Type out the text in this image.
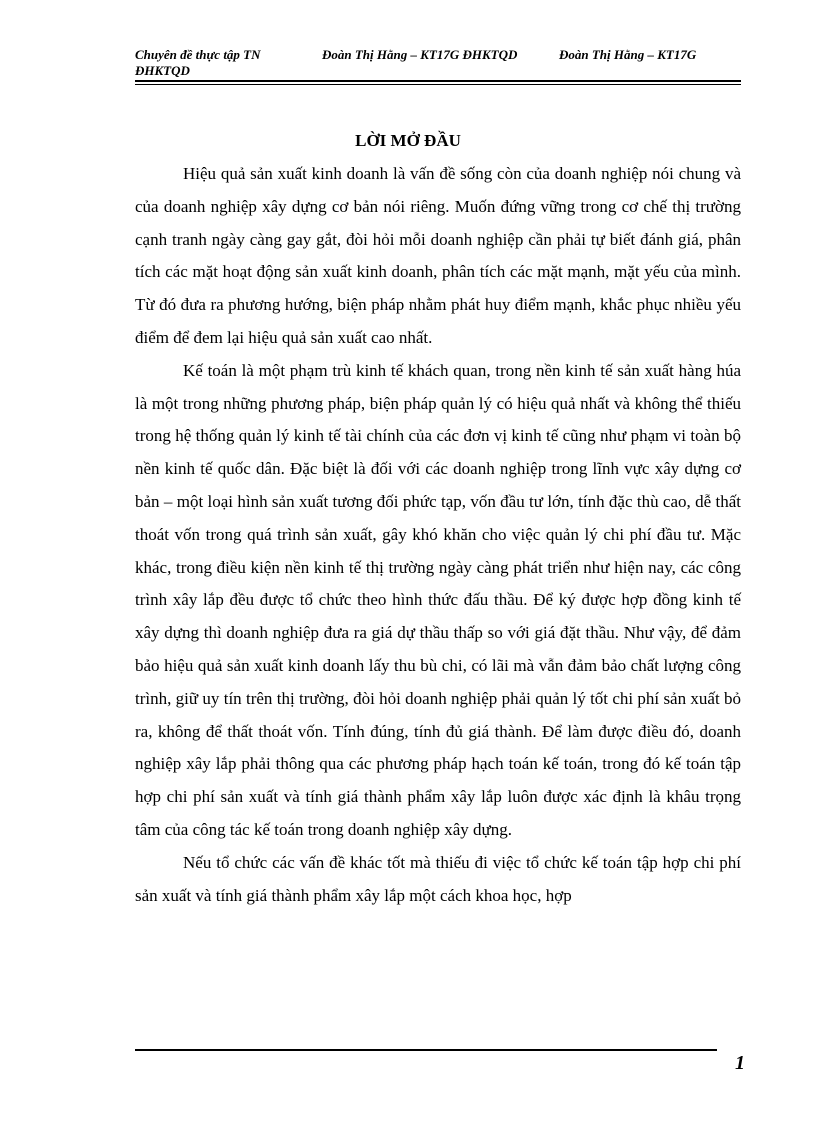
Chuyên đề thực tập TN ĐHKTQD
Đoàn Thị Hằng – KT17G ĐHKTQD	Đoàn Thị Hằng – KT17G
LỜI MỞ ĐẦU

Hiệu quả sản xuất kinh doanh là vấn đề sống còn của doanh nghiệp nói chung và của doanh nghiệp xây dựng cơ bản nói riêng. Muốn đứng vững trong cơ chế thị trường cạnh tranh ngày càng gay gắt, đòi hỏi mỗi doanh nghiệp cần phải tự biết đánh giá, phân tích các mặt hoạt động sản xuất kinh doanh, phân tích các mặt mạnh, mặt yếu của mình. Từ đó đưa ra phương hướng, biện pháp nhằm phát huy điểm mạnh, khắc phục nhiều yếu điểm để đem lại hiệu quả sản xuất cao nhất.

Kế toán là một phạm trù kinh tế khách quan, trong nền kinh tế sản xuất hàng húa là một trong những phương pháp, biện pháp quản lý có hiệu quả nhất và không thể thiếu trong hệ thống quản lý kinh tế tài chính của các đơn vị kinh tế cũng như phạm vi toàn bộ nền kinh tế quốc dân. Đặc biệt là đối với các doanh nghiệp trong lĩnh vực xây dựng cơ bản – một loại hình sản xuất tương đối phức tạp, vốn đầu tư lớn, tính đặc thù cao, dễ thất thoát vốn trong quá trình sản xuất, gây khó khăn cho việc quản lý chi phí đầu tư. Mặc khác, trong điều kiện nền kinh tế thị trường ngày càng phát triển như hiện nay, các công trình xây lắp đều được tổ chức theo hình thức đấu thầu. Để ký được hợp đồng kinh tế xây dựng thì doanh nghiệp đưa ra giá dự thầu thấp so với giá đặt thầu. Như vậy, để đảm bảo hiệu quả sản xuất kinh doanh lấy thu bù chi, có lãi mà vẫn đảm bảo chất lượng công trình, giữ uy tín trên thị trường, đòi hỏi doanh nghiệp phải quản lý tốt chi phí sản xuất bỏ ra, không để thất thoát vốn. Tính đúng, tính đủ giá thành. Để làm được điều đó, doanh nghiệp xây lắp phải thông qua các phương pháp hạch toán kế toán, trong đó kế toán tập hợp chi phí sản xuất và tính giá thành phẩm xây lắp luôn được xác định là khâu trọng tâm của công tác kế toán trong doanh nghiệp xây dựng.

Nếu tổ chức các vấn đề khác tốt mà thiếu đi việc tổ chức kế toán tập hợp chi phí sản xuất và tính giá thành phẩm xây lắp một cách khoa học, hợp

1
